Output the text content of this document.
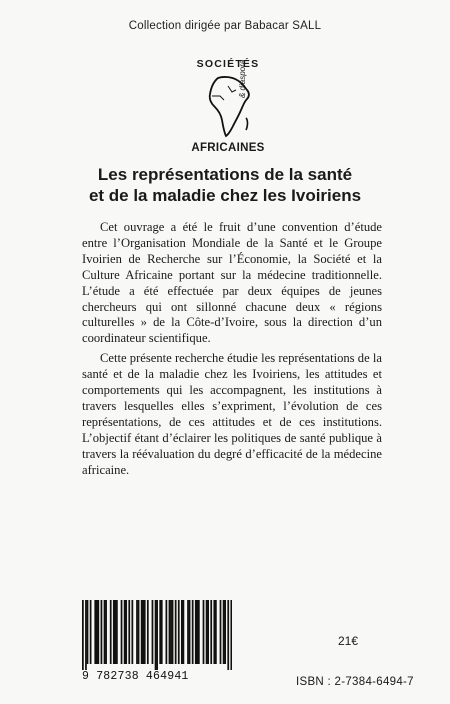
Collection dirigée par Babacar SALL
SOCIÉTÉS
& diaspora
AFRICAINES
Les représentations de la santé
et de la maladie chez les Ivoiriens

Cet ouvrage a été le fruit d’une convention d’étude entre l’Organisation Mondiale de la Santé et le Groupe Ivoirien de Recherche sur l’Économie, la Société et la Culture Africaine portant sur la médecine traditionnelle. L’étude a été effectuée par deux équipes de jeunes chercheurs qui ont sillonné chacune deux « régions culturelles » de la Côte-d’Ivoire, sous la direction d’un coordinateur scientifique.

Cette présente recherche étudie les représentations de la santé et de la maladie chez les Ivoiriens, les attitudes et comportements qui les accompagnent, les institutions à travers lesquelles elles s’expriment, l’évolution de ces représentations, de ces attitudes et de ces institutions. L’objectif étant d’éclairer les politiques de santé publique à travers la réévaluation du degré d’efficacité de la médecine africaine.

9 782738 464941
21€
ISBN : 2-7384-6494-7
